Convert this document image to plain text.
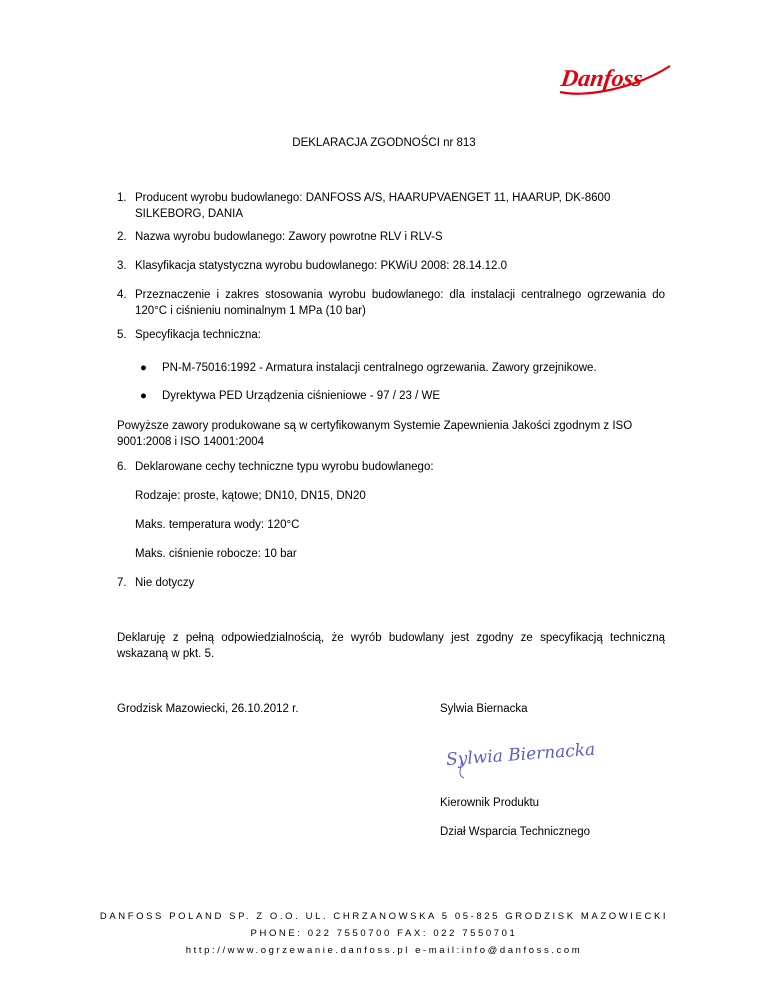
Danfoss
DEKLARACJA ZGODNOŚCI nr 813
1. Producent wyrobu budowlanego: DANFOSS A/S, HAARUPVAENGET 11, HAARUP, DK-8600 SILKEBORG, DANIA
2. Nazwa wyrobu budowlanego: Zawory powrotne RLV i RLV-S
3. Klasyfikacja statystyczna wyrobu budowlanego: PKWiU 2008: 28.14.12.0
4. Przeznaczenie i zakres stosowania wyrobu budowlanego: dla instalacji centralnego ogrzewania do 120°C i ciśnieniu nominalnym 1 MPa (10 bar)
5. Specyfikacja techniczna:
● PN-M-75016:1992 - Armatura instalacji centralnego ogrzewania. Zawory grzejnikowe.
● Dyrektywa PED Urządzenia ciśnieniowe - 97 / 23 / WE
Powyższe zawory produkowane są w certyfikowanym Systemie Zapewnienia Jakości zgodnym z ISO 9001:2008 i ISO 14001:2004
6. Deklarowane cechy techniczne typu wyrobu budowlanego:
Rodzaje: proste, kątowe; DN10, DN15, DN20
Maks. temperatura wody: 120°C
Maks. ciśnienie robocze: 10 bar
7. Nie dotyczy
Deklaruję z pełną odpowiedzialnością, że wyrób budowlany jest zgodny ze specyfikacją techniczną wskazaną w pkt. 5.
Grodzisk Mazowiecki, 26.10.2012 r.	Sylwia Biernacka
Sylwia Biernacka
Kierownik Produktu
Dział Wsparcia Technicznego
DANFOSS POLAND SP. Z O.O. UL. CHRZANOWSKA 5 05-825 GRODZISK MAZOWIECKI
PHONE: 022 7550700 FAX: 022 7550701
http://www.ogrzewanie.danfoss.pl e-mail:info@danfoss.com
